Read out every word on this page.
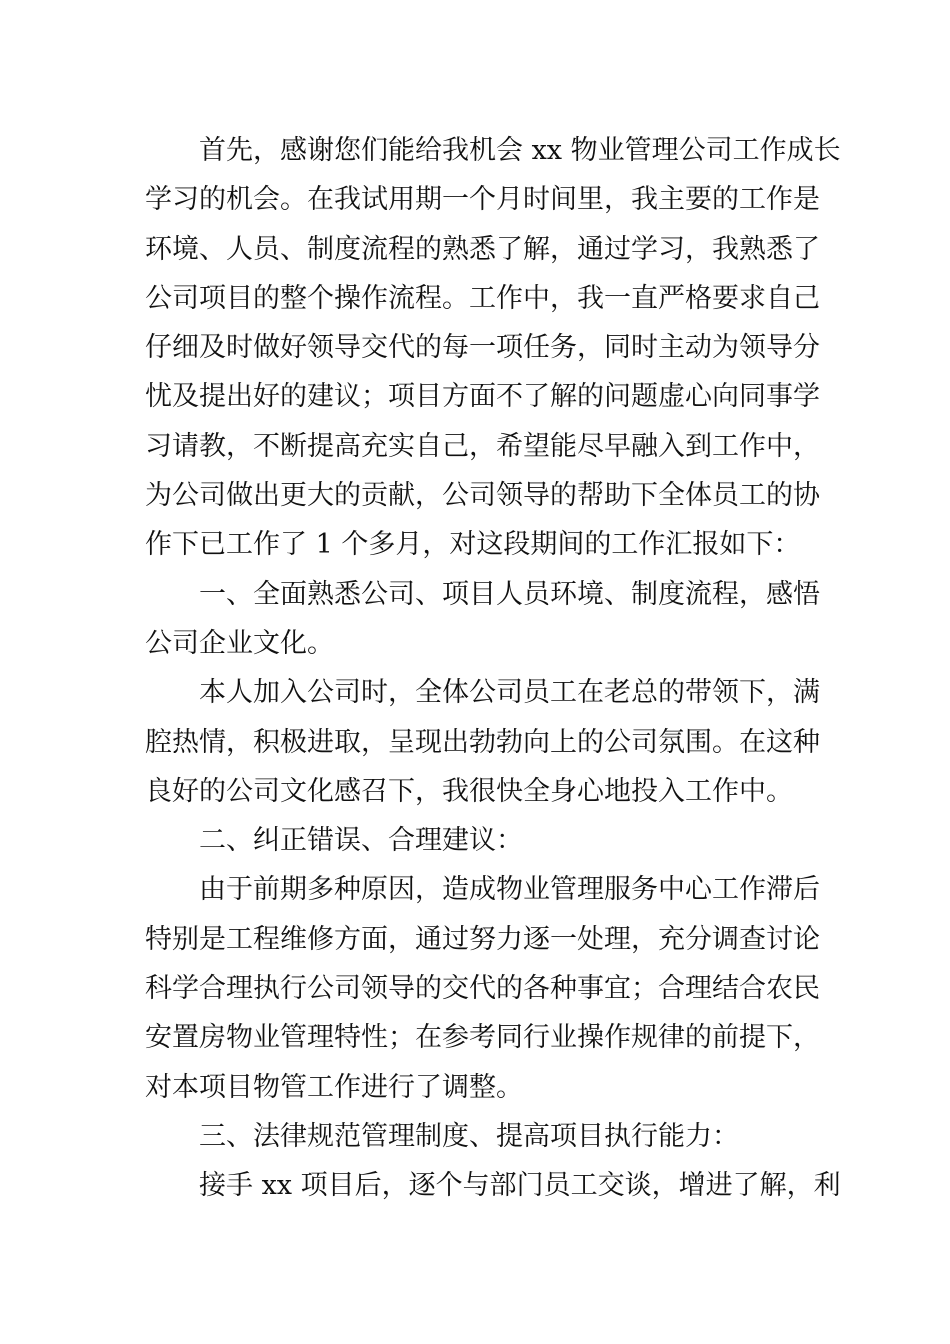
首先，感谢您们能给我机会 xx 物业管理公司工作成长
学习的机会。在我试用期一个月时间里，我主要的工作是
环境、人员、制度流程的熟悉了解，通过学习，我熟悉了
公司项目的整个操作流程。工作中，我一直严格要求自己
仔细及时做好领导交代的每一项任务，同时主动为领导分
忧及提出好的建议；项目方面不了解的问题虚心向同事学
习请教，不断提高充实自己，希望能尽早融入到工作中，
为公司做出更大的贡献，公司领导的帮助下全体员工的协
作下已工作了 1 个多月，对这段期间的工作汇报如下：
一、全面熟悉公司、项目人员环境、制度流程，感悟
公司企业文化。
本人加入公司时，全体公司员工在老总的带领下，满
腔热情，积极进取，呈现出勃勃向上的公司氛围。在这种
良好的公司文化感召下，我很快全身心地投入工作中。
二、纠正错误、合理建议：
由于前期多种原因，造成物业管理服务中心工作滞后
特别是工程维修方面，通过努力逐一处理，充分调查讨论
科学合理执行公司领导的交代的各种事宜；合理结合农民
安置房物业管理特性；在参考同行业操作规律的前提下，
对本项目物管工作进行了调整。
三、法律规范管理制度、提高项目执行能力：
接手 xx 项目后，逐个与部门员工交谈，增进了解，利
